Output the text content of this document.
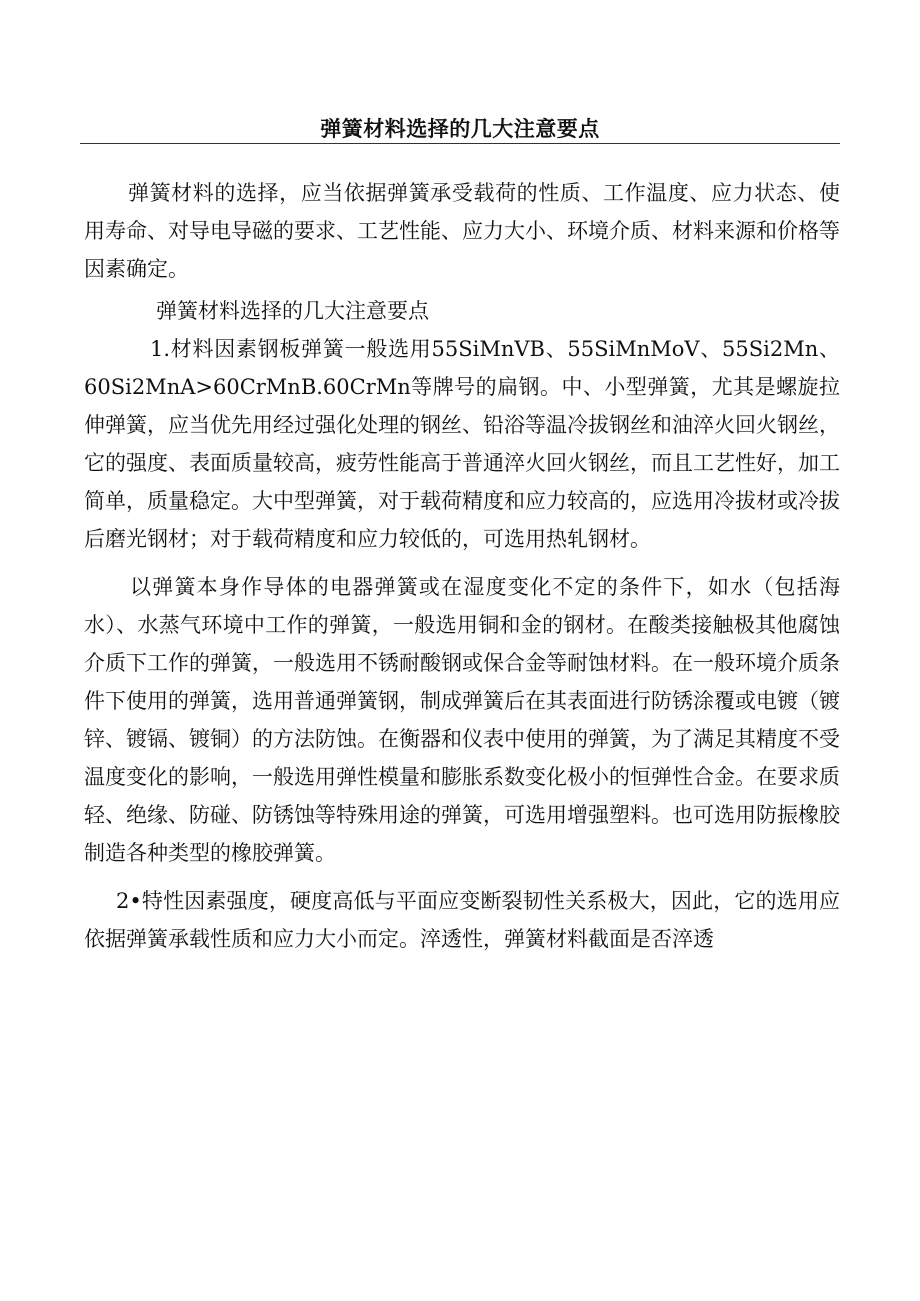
弹簧材料选择的几大注意要点

弹簧材料的选择，应当依据弹簧承受载荷的性质、工作温度、应力状态、使用寿命、对导电导磁的要求、工艺性能、应力大小、环境介质、材料来源和价格等因素确定。

弹簧材料选择的几大注意要点

1.材料因素钢板弹簧一般选用55SiMnVB、55SiMnMoV、55Si2Mn、60Si2MnA>60CrMnB.60CrMn等牌号的扁钢。中、小型弹簧，尤其是螺旋拉伸弹簧，应当优先用经过强化处理的钢丝、铅浴等温冷拔钢丝和油淬火回火钢丝，它的强度、表面质量较高，疲劳性能高于普通淬火回火钢丝，而且工艺性好，加工简单，质量稳定。大中型弹簧，对于载荷精度和应力较高的，应选用冷拔材或冷拔后磨光钢材；对于载荷精度和应力较低的，可选用热轧钢材。

以弹簧本身作导体的电器弹簧或在湿度变化不定的条件下，如水（包括海水）、水蒸气环境中工作的弹簧，一般选用铜和金的钢材。在酸类接触极其他腐蚀介质下工作的弹簧，一般选用不锈耐酸钢或保合金等耐蚀材料。在一般环境介质条件下使用的弹簧，选用普通弹簧钢，制成弹簧后在其表面进行防锈涂覆或电镀（镀锌、镀镉、镀铜）的方法防蚀。在衡器和仪表中使用的弹簧，为了满足其精度不受温度变化的影响，一般选用弹性模量和膨胀系数变化极小的恒弹性合金。在要求质轻、绝缘、防碰、防锈蚀等特殊用途的弹簧，可选用增强塑料。也可选用防振橡胶制造各种类型的橡胶弹簧。

2•特性因素强度，硬度高低与平面应变断裂韧性关系极大，因此，它的选用应依据弹簧承载性质和应力大小而定。淬透性，弹簧材料截面是否淬透
